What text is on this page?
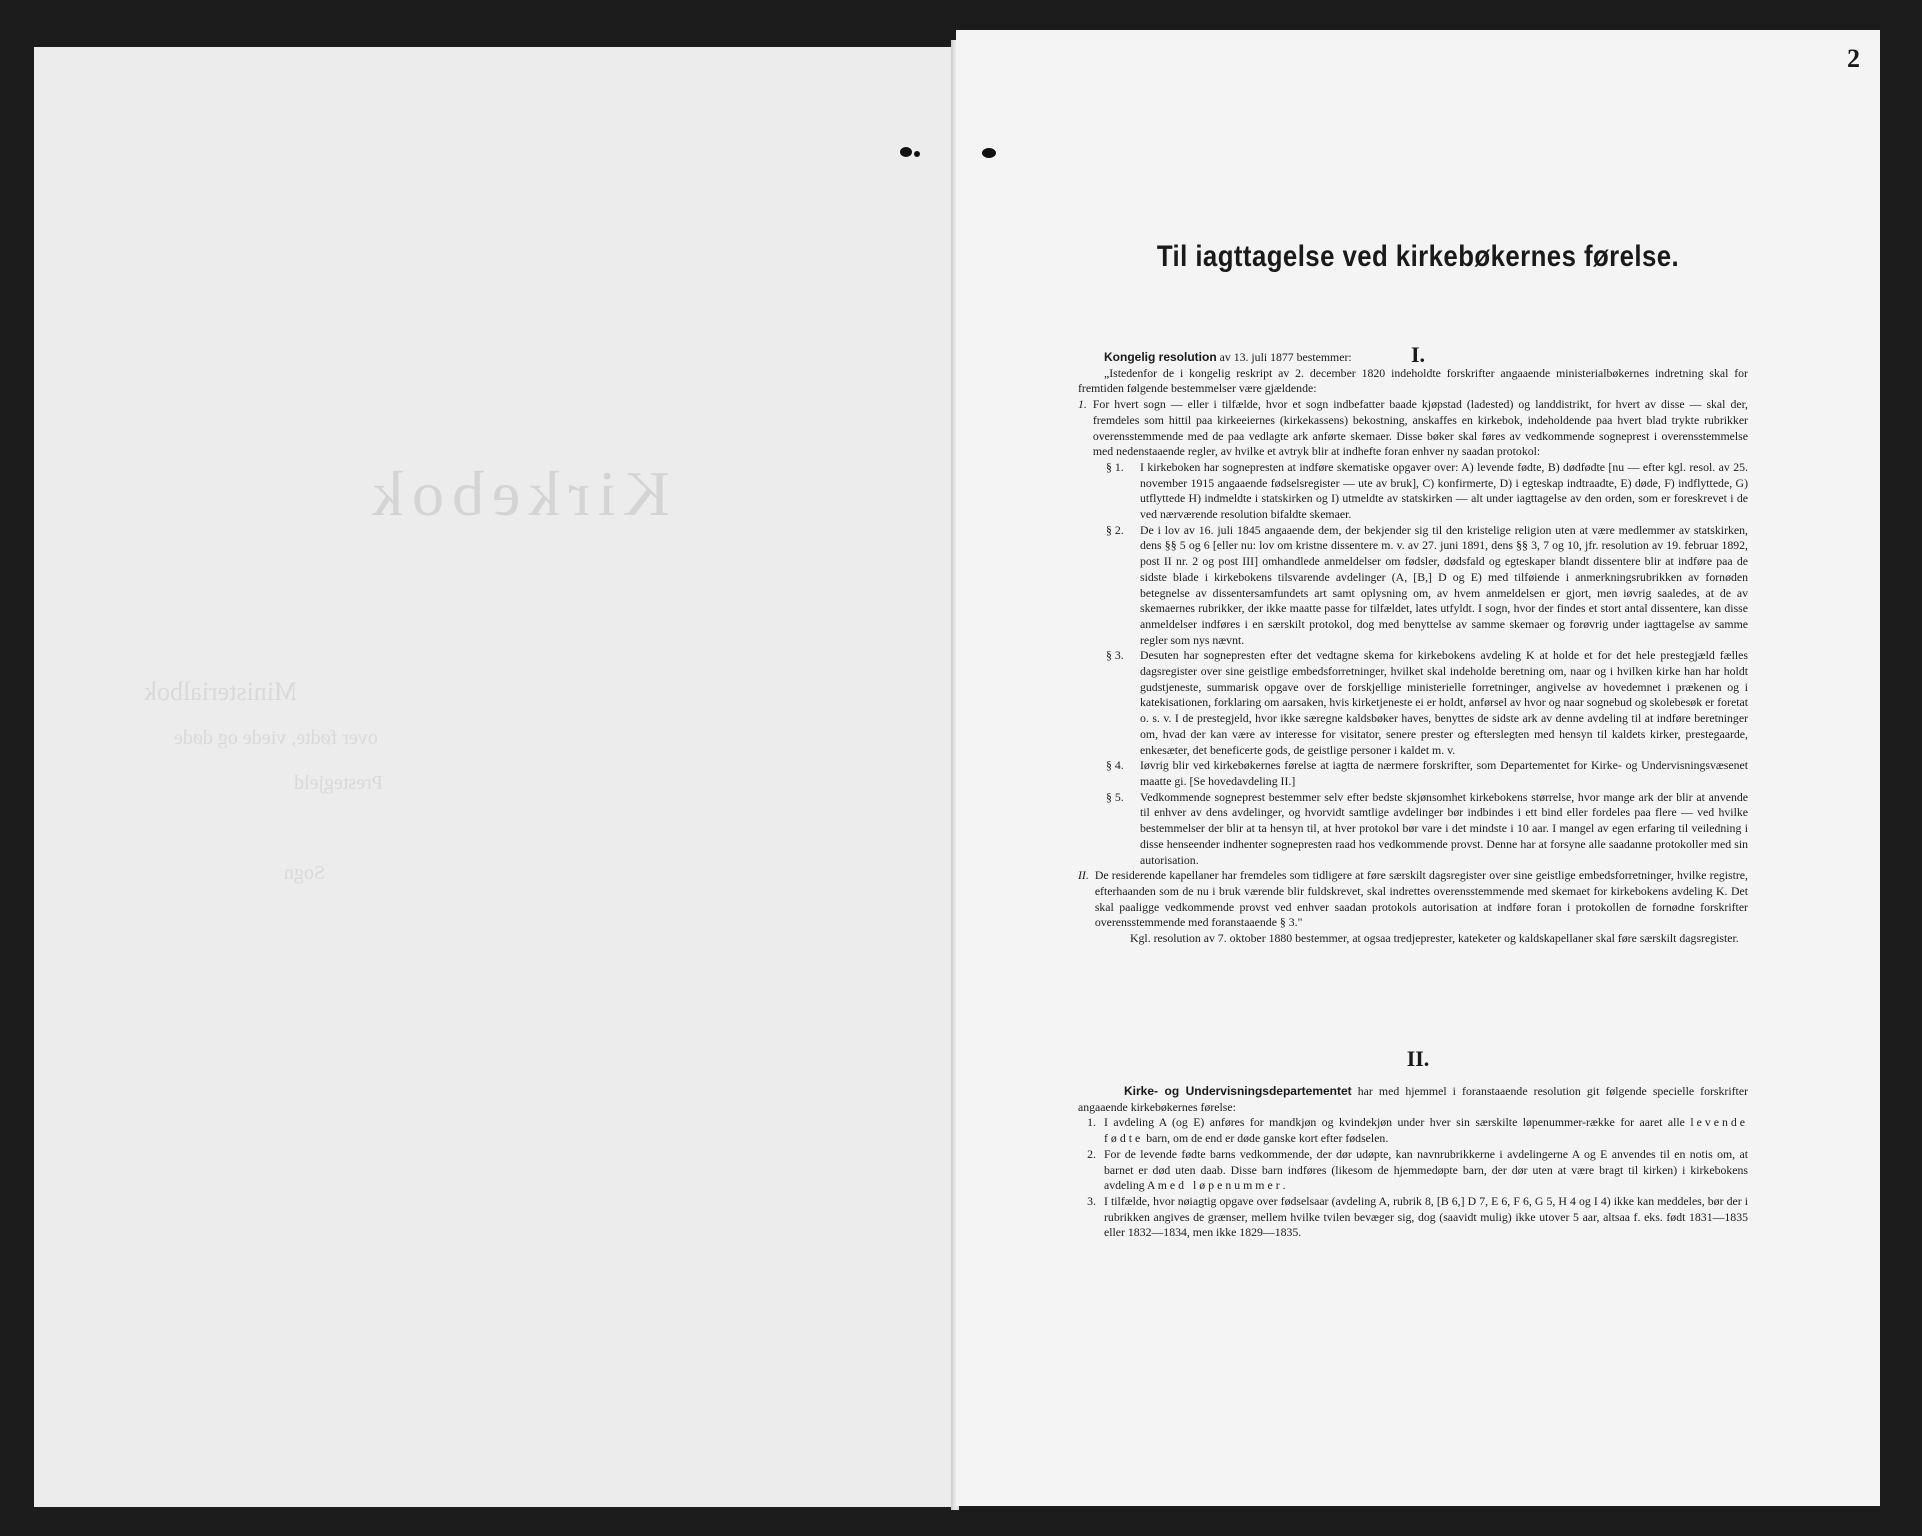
Kirkebok
Ministerialbok
over fødte, viede og døde
Prestegjeld
Sogn
2
Til iagttagelse ved kirkebøkernes førelse.
I.

Kongelig resolution av 13. juli 1877 bestemmer:

„Istedenfor de i kongelig reskript av 2. december 1820 indeholdte forskrifter angaaende ministerialbøkernes indretning skal for fremtiden følgende bestemmelser være gjældende:

1. For hvert sogn — eller i tilfælde, hvor et sogn indbefatter baade kjøpstad (ladested) og landdistrikt, for hvert av disse — skal der, fremdeles som hittil paa kirkeeiernes (kirkekassens) bekostning, anskaffes en kirkebok, indeholdende paa hvert blad trykte rubrikker overensstemmende med de paa vedlagte ark anførte skemaer. Disse bøker skal føres av vedkommende sogneprest i overensstemmelse med nedenstaaende regler, av hvilke et avtryk blir at indhefte foran enhver ny saadan protokol:
§ 1.	I kirkeboken har sognepresten at indføre skematiske opgaver over: A) levende fødte, B) dødfødte [nu — efter kgl. resol. av 25. november 1915 angaaende fødselsregister — ute av bruk], C) konfirmerte, D) i egteskap indtraadte, E) døde, F) indflyttede, G) utflyttede H) indmeldte i statskirken og I) utmeldte av statskirken — alt under iagttagelse av den orden, som er foreskrevet i de ved nærværende resolution bifaldte skemaer.
§ 2.	De i lov av 16. juli 1845 angaaende dem, der bekjender sig til den kristelige religion uten at være medlemmer av statskirken, dens §§ 5 og 6 [eller nu: lov om kristne dissentere m. v. av 27. juni 1891, dens §§ 3, 7 og 10, jfr. resolution av 19. februar 1892, post II nr. 2 og post III] omhandlede anmeldelser om fødsler, dødsfald og egteskaper blandt dissentere blir at indføre paa de sidste blade i kirkebokens tilsvarende avdelinger (A, [B,] D og E) med tilføiende i anmerkningsrubrikken av fornøden betegnelse av dissentersamfundets art samt oplysning om, av hvem anmeldelsen er gjort, men iøvrig saaledes, at de av skemaernes rubrikker, der ikke maatte passe for tilfældet, lates utfyldt. I sogn, hvor der findes et stort antal dissentere, kan disse anmeldelser indføres i en særskilt protokol, dog med benyttelse av samme skemaer og forøvrig under iagttagelse av samme regler som nys nævnt.
§ 3.	Desuten har sognepresten efter det vedtagne skema for kirkebokens avdeling K at holde et for det hele prestegjæld fælles dagsregister over sine geistlige embedsforretninger, hvilket skal indeholde beretning om, naar og i hvilken kirke han har holdt gudstjeneste, summarisk opgave over de forskjellige ministerielle forretninger, angivelse av hovedemnet i prækenen og i katekisationen, forklaring om aarsaken, hvis kirketjeneste ei er holdt, anførsel av hvor og naar sognebud og skolebesøk er foretat o. s. v. I de prestegjeld, hvor ikke særegne kaldsbøker haves, benyttes de sidste ark av denne avdeling til at indføre beretninger om, hvad der kan være av interesse for visitator, senere prester og efterslegten med hensyn til kaldets kirker, prestegaarde, enkesæter, det beneficerte gods, de geistlige personer i kaldet m. v.
§ 4.	Iøvrig blir ved kirkebøkernes førelse at iagtta de nærmere forskrifter, som Departementet for Kirke- og Undervisningsvæsenet maatte gi. [Se hovedavdeling II.]
§ 5.	Vedkommende sogneprest bestemmer selv efter bedste skjønsomhet kirkebokens størrelse, hvor mange ark der blir at anvende til enhver av dens avdelinger, og hvorvidt samtlige avdelinger bør indbindes i ett bind eller fordeles paa flere — ved hvilke bestemmelser der blir at ta hensyn til, at hver protokol bør vare i det mindste i 10 aar. I mangel av egen erfaring til veiledning i disse henseender indhenter sognepresten raad hos vedkommende provst. Denne har at forsyne alle saadanne protokoller med sin autorisation.
II. De residerende kapellaner har fremdeles som tidligere at føre særskilt dagsregister over sine geistlige embedsforretninger, hvilke registre, efterhaanden som de nu i bruk værende blir fuldskrevet, skal indrettes overensstemmende med skemaet for kirkebokens avdeling K. Det skal paaligge vedkommende provst ved enhver saadan protokols autorisation at indføre foran i protokollen de fornødne forskrifter overensstemmende med foranstaaende § 3."

Kgl. resolution av 7. oktober 1880 bestemmer, at ogsaa tredjeprester, kateketer og kaldskapellaner skal føre særskilt dagsregister.

II.

Kirke- og Undervisningsdepartementet har med hjemmel i foranstaaende resolution git følgende specielle forskrifter angaaende kirkebøkernes førelse:

1. I avdeling A (og E) anføres for mandkjøn og kvindekjøn under hver sin særskilte løpenummer-række for aaret alle levende fødte barn, om de end er døde ganske kort efter fødselen.
2. For de levende fødte barns vedkommende, der dør udøpte, kan navnrubrikkerne i avdelingerne A og E anvendes til en notis om, at barnet er død uten daab. Disse barn indføres (likesom de hjemmedøpte barn, der dør uten at være bragt til kirken) i kirkebokens avdeling A med løpenummer.
3. I tilfælde, hvor nøiagtig opgave over fødselsaar (avdeling A, rubrik 8, [B 6,] D 7, E 6, F 6, G 5, H 4 og I 4) ikke kan meddeles, bør der i rubrikken angives de grænser, mellem hvilke tvilen bevæger sig, dog (saavidt mulig) ikke utover 5 aar, altsaa f. eks. født 1831—1835 eller 1832—1834, men ikke 1829—1835.
